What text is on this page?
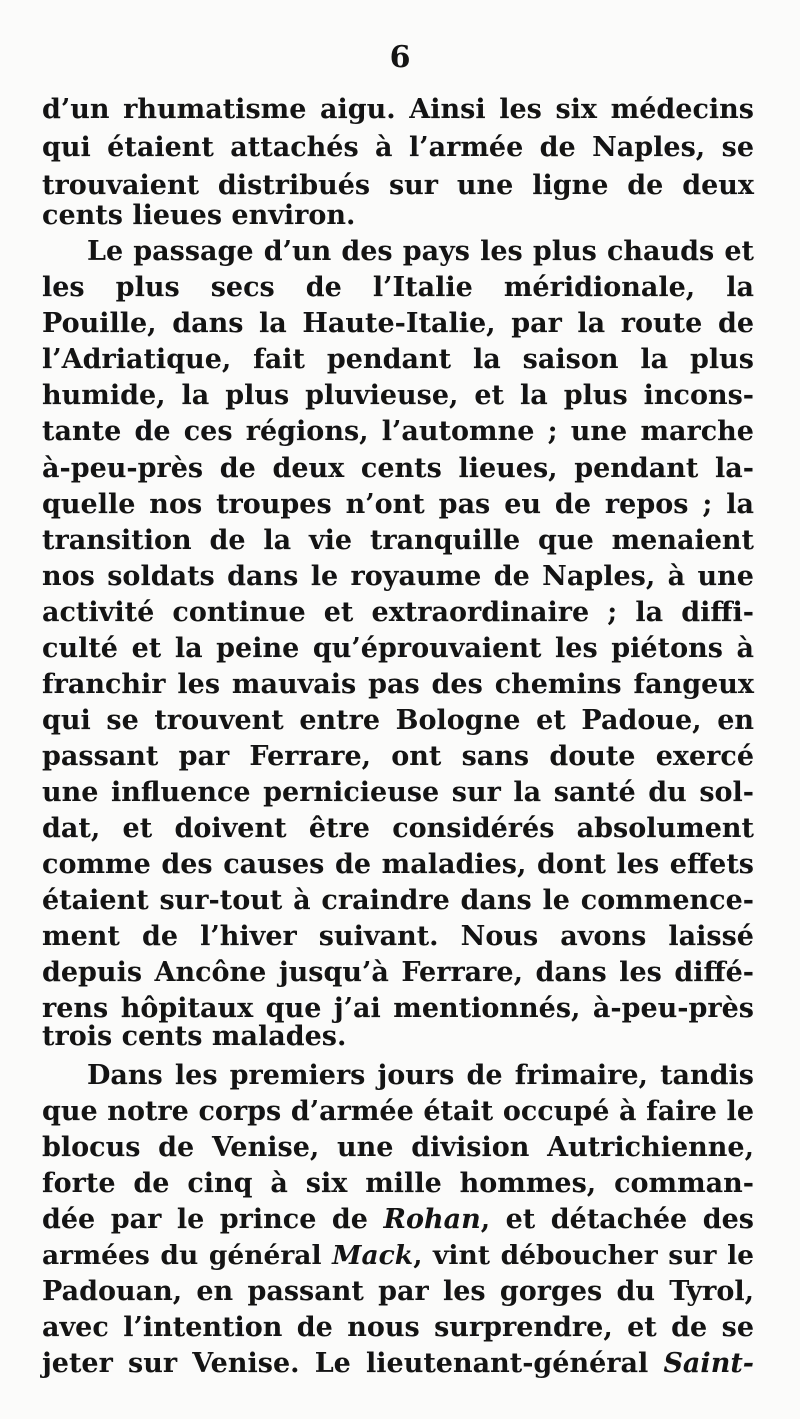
6
d’un rhumatisme aigu. Ainsi les six médecins
qui étaient attachés à l’armée de Naples, se
trouvaient distribués sur une ligne de deux
cents lieues environ.
Le passage d’un des pays les plus chauds et
les plus secs de l’Italie méridionale, la
Pouille, dans la Haute-Italie, par la route de
l’Adriatique, fait pendant la saison la plus
humide, la plus pluvieuse, et la plus incons-
tante de ces régions, l’automne ; une marche
à-peu-près de deux cents lieues, pendant la-
quelle nos troupes n’ont pas eu de repos ; la
transition de la vie tranquille que menaient
nos soldats dans le royaume de Naples, à une
activité continue et extraordinaire ; la diffi-
culté et la peine qu’éprouvaient les piétons à
franchir les mauvais pas des chemins fangeux
qui se trouvent entre Bologne et Padoue, en
passant par Ferrare, ont sans doute exercé
une influence pernicieuse sur la santé du sol-
dat, et doivent être considérés absolument
comme des causes de maladies, dont les effets
étaient sur-tout à craindre dans le commence-
ment de l’hiver suivant. Nous avons laissé
depuis Ancône jusqu’à Ferrare, dans les diffé-
rens hôpitaux que j’ai mentionnés, à-peu-près
trois cents malades.
Dans les premiers jours de frimaire, tandis
que notre corps d’armée était occupé à faire le
blocus de Venise, une division Autrichienne,
forte de cinq à six mille hommes, comman-
dée par le prince de Rohan, et détachée des
armées du général Mack, vint déboucher sur le
Padouan, en passant par les gorges du Tyrol,
avec l’intention de nous surprendre, et de se
jeter sur Venise. Le lieutenant-général Saint-
